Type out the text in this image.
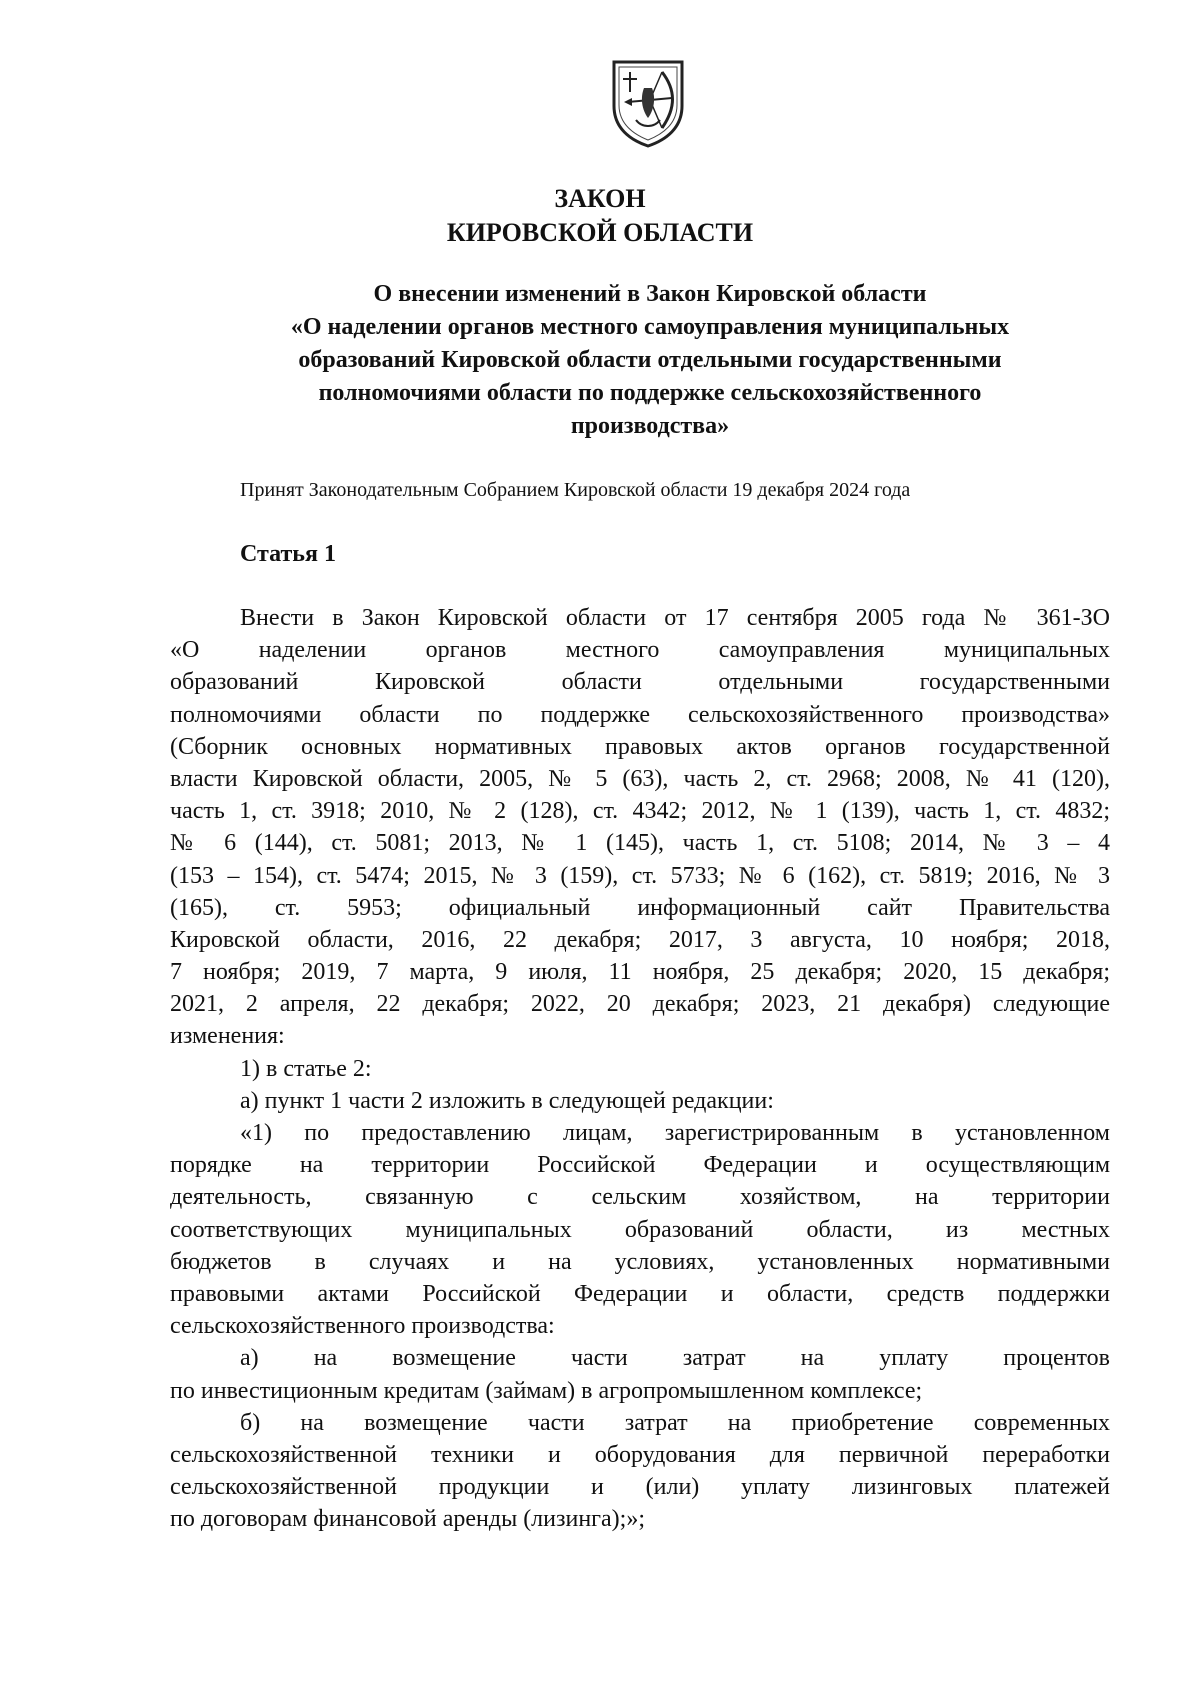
ЗАКОН
КИРОВСКОЙ ОБЛАСТИ
О внесении изменений в Закон Кировской области
«О наделении органов местного самоуправления муниципальных
образований Кировской области отдельными государственными
полномочиями области по поддержке сельскохозяйственного
производства»
Принят Законодательным Собранием Кировской области 19 декабря 2024 года
Статья 1
Внести в Закон Кировской области от 17 сентября 2005 года № 361-ЗО
«О наделении органов местного самоуправления муниципальных
образований Кировской области отдельными государственными
полномочиями области по поддержке сельскохозяйственного производства»
(Сборник основных нормативных правовых актов органов государственной
власти Кировской области, 2005, № 5 (63), часть 2, ст. 2968; 2008, № 41 (120),
часть 1, ст. 3918; 2010, № 2 (128), ст. 4342; 2012, № 1 (139), часть 1, ст. 4832;
№ 6 (144), ст. 5081; 2013, № 1 (145), часть 1, ст. 5108; 2014, № 3 – 4
(153 – 154), ст. 5474; 2015, № 3 (159), ст. 5733; № 6 (162), ст. 5819; 2016, № 3
(165), ст. 5953; официальный информационный сайт Правительства
Кировской области, 2016, 22 декабря; 2017, 3 августа, 10 ноября; 2018,
7 ноября; 2019, 7 марта, 9 июля, 11 ноября, 25 декабря; 2020, 15 декабря;
2021, 2 апреля, 22 декабря; 2022, 20 декабря; 2023, 21 декабря) следующие
изменения:
1) в статье 2:
а) пункт 1 части 2 изложить в следующей редакции:
«1) по предоставлению лицам, зарегистрированным в установленном
порядке на территории Российской Федерации и осуществляющим
деятельность, связанную с сельским хозяйством, на территории
соответствующих муниципальных образований области, из местных
бюджетов в случаях и на условиях, установленных нормативными
правовыми актами Российской Федерации и области, средств поддержки
сельскохозяйственного производства:
а) на возмещение части затрат на уплату процентов
по инвестиционным кредитам (займам) в агропромышленном комплексе;
б) на возмещение части затрат на приобретение современных
сельскохозяйственной техники и оборудования для первичной переработки
сельскохозяйственной продукции и (или) уплату лизинговых платежей
по договорам финансовой аренды (лизинга);»;
